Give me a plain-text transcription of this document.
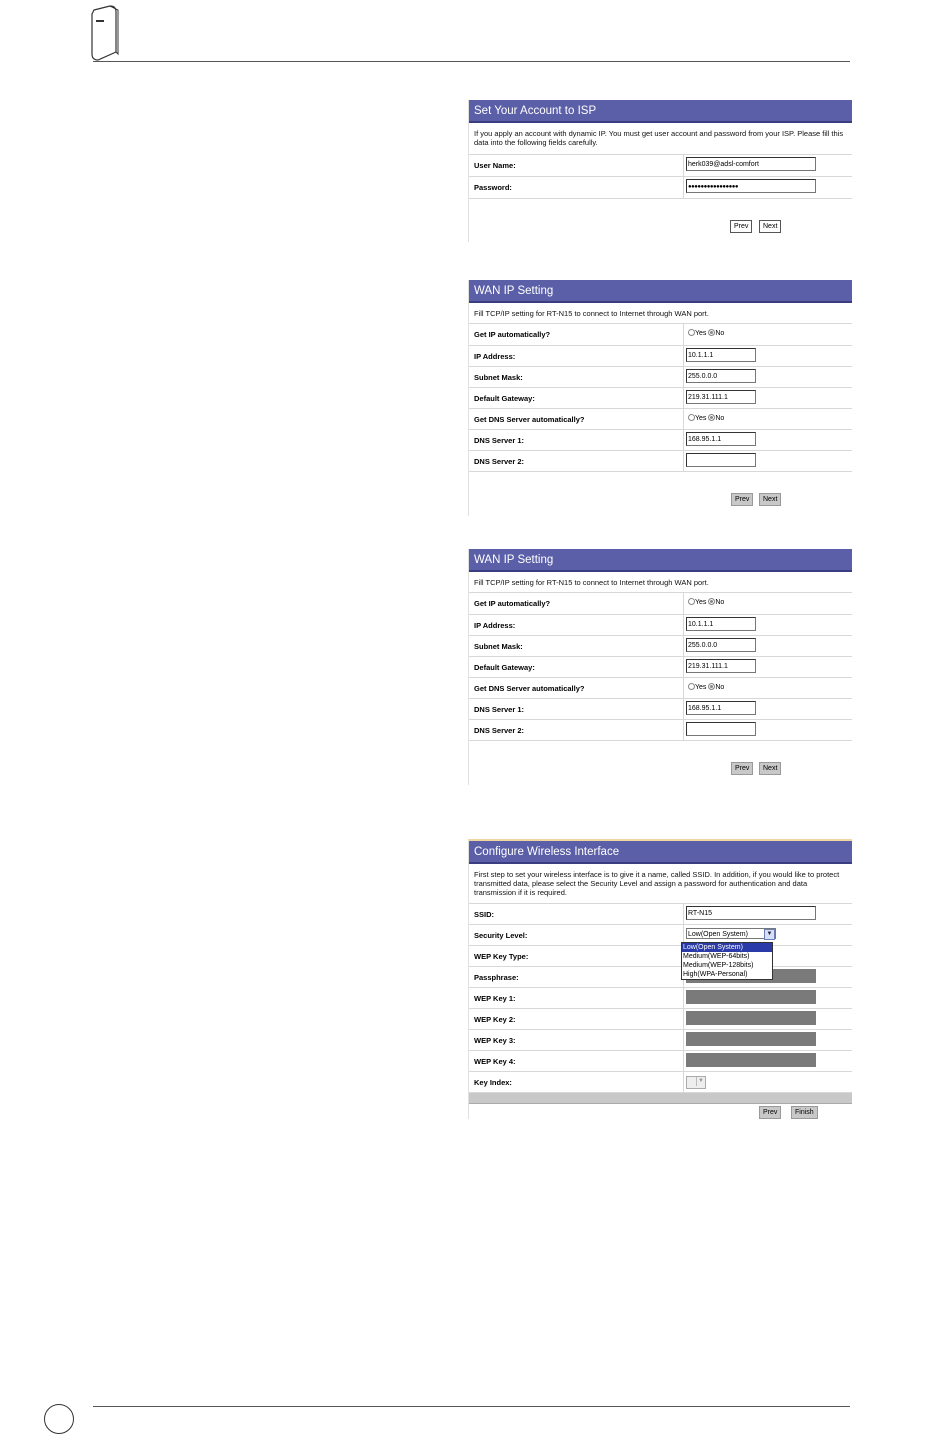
Set Your Account to ISP
If you apply an account with dynamic IP. You must get user account and password from your ISP. Please fill this data into the following fields carefully.
User Name:	herk039@adsl-comfort
Password:	●●●●●●●●●●●●●●●●
Prev	Next
WAN IP Setting
Fill TCP/IP setting for RT-N15 to connect to Internet through WAN port.
Get IP automatically?	Yes No
IP Address:	10.1.1.1
Subnet Mask:	255.0.0.0
Default Gateway:	219.31.111.1
Get DNS Server automatically?	Yes No
DNS Server 1:	168.95.1.1
DNS Server 2:
Prev	Next
WAN IP Setting
Fill TCP/IP setting for RT-N15 to connect to Internet through WAN port.
Get IP automatically?	Yes No
IP Address:	10.1.1.1
Subnet Mask:	255.0.0.0
Default Gateway:	219.31.111.1
Get DNS Server automatically?	Yes No
DNS Server 1:	168.95.1.1
DNS Server 2:
Prev	Next
Configure Wireless Interface
First step to set your wireless interface is to give it a name, called SSID. In addition, if you would like to protect transmitted data, please select the Security Level and assign a password for authentication and data transmission if it is required.
SSID:	RT-N15
Security Level:	Low(Open System)	▼
WEP Key Type:
Passphrase:
WEP Key 1:
WEP Key 2:
WEP Key 3:
WEP Key 4:
Key Index:	▼
Prev	Finish
Low(Open System)
Medium(WEP-64bits)
Medium(WEP-128bits)
High(WPA-Personal)
